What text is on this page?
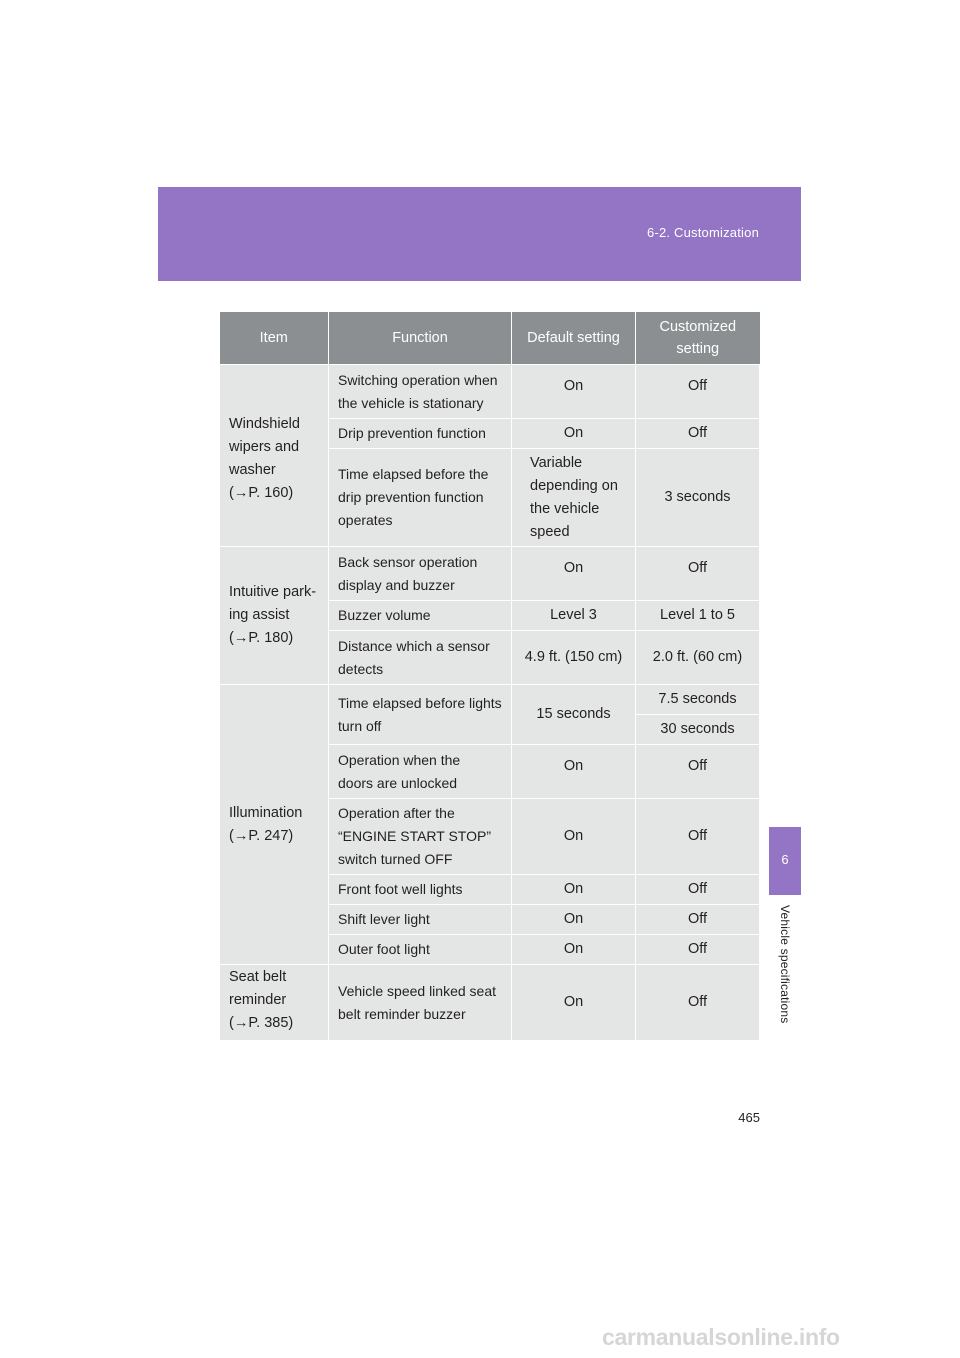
6-2. Customization
6
Vehicle specifications
Item	Function	Default setting	Customized
setting
Windshield
wipers and
washer
(→P. 160)	Switching operation when
the vehicle is stationary	On	Off
	Drip prevention function	On	Off
	Time elapsed before the
drip prevention function
operates	Variable
depending on
the vehicle
speed	3 seconds
Intuitive park-
ing assist
(→P. 180)	Back sensor operation
display and buzzer	On	Off
	Buzzer volume	Level 3	Level 1 to 5
	Distance which a sensor
detects	4.9 ft. (150 cm)	2.0 ft. (60 cm)
Illumination
(→P. 247)	Time elapsed before lights
turn off	15 seconds	7.5 seconds
			30 seconds
	Operation when the
doors are unlocked	On	Off
	Operation after the
“ENGINE START STOP”
switch turned OFF	On	Off
	Front foot well lights	On	Off
	Shift lever light	On	Off
	Outer foot light	On	Off

Seat belt
reminder
(→P. 385)	Vehicle speed linked seat
belt reminder buzzer	On	Off
465
carmanualsonline.info
